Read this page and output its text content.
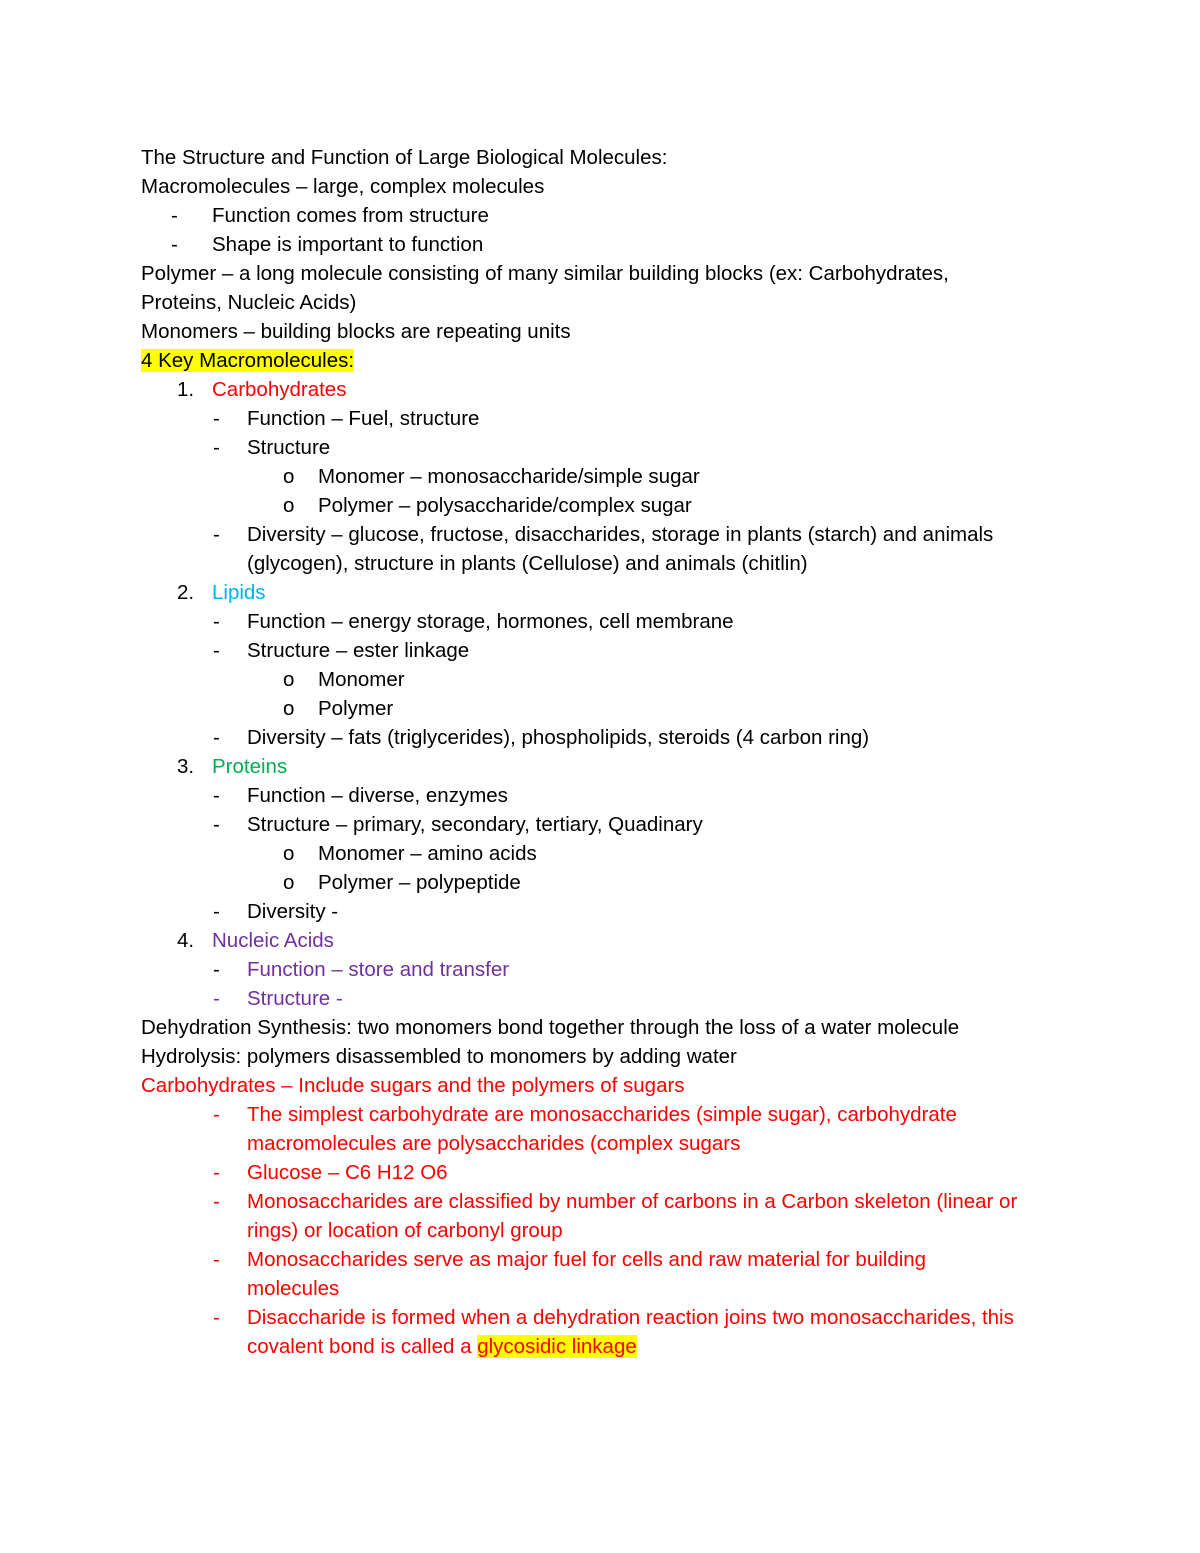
The Structure and Function of Large Biological Molecules:
Macromolecules – large, complex molecules
- Function comes from structure
- Shape is important to function
Polymer – a long molecule consisting of many similar building blocks (ex: Carbohydrates,
Proteins, Nucleic Acids)
Monomers – building blocks are repeating units
4 Key Macromolecules:
1. Carbohydrates
- Function – Fuel, structure
- Structure
o Monomer – monosaccharide/simple sugar
o Polymer – polysaccharide/complex sugar
- Diversity – glucose, fructose, disaccharides, storage in plants (starch) and animals
(glycogen), structure in plants (Cellulose) and animals (chitlin)
2. Lipids
- Function – energy storage, hormones, cell membrane
- Structure – ester linkage
o Monomer
o Polymer
- Diversity – fats (triglycerides), phospholipids, steroids (4 carbon ring)
3. Proteins
- Function – diverse, enzymes
- Structure – primary, secondary, tertiary, Quadinary
o Monomer – amino acids
o Polymer – polypeptide
- Diversity -
4. Nucleic Acids
- Function – store and transfer
- Structure -
Dehydration Synthesis: two monomers bond together through the loss of a water molecule
Hydrolysis: polymers disassembled to monomers by adding water
Carbohydrates – Include sugars and the polymers of sugars
- The simplest carbohydrate are monosaccharides (simple sugar), carbohydrate
macromolecules are polysaccharides (complex sugars
- Glucose – C6 H12 O6
- Monosaccharides are classified by number of carbons in a Carbon skeleton (linear or
rings) or location of carbonyl group
- Monosaccharides serve as major fuel for cells and raw material for building
molecules
- Disaccharide is formed when a dehydration reaction joins two monosaccharides, this
covalent bond is called a glycosidic linkage
